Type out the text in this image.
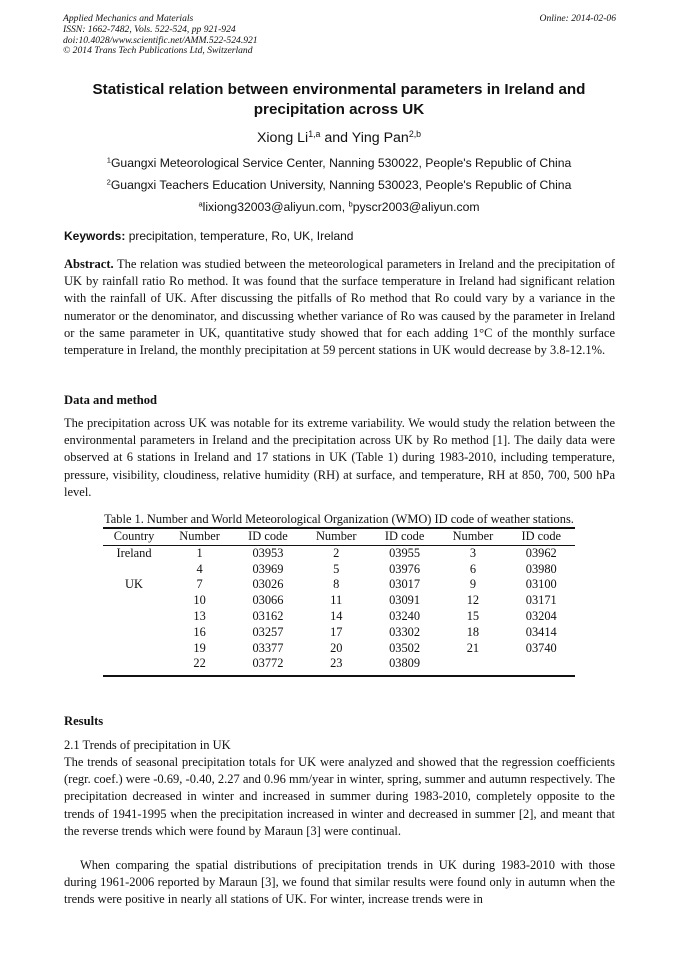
Applied Mechanics and Materials
ISSN: 1662-7482, Vols. 522-524, pp 921-924
doi:10.4028/www.scientific.net/AMM.522-524.921
© 2014 Trans Tech Publications Ltd, Switzerland
Online: 2014-02-06
Statistical relation between environmental parameters in Ireland and
precipitation across UK
Xiong Li$^{1,a}$ and Ying Pan$^{2,b}$
$^1$Guangxi Meteorological Service Center, Nanning 530022, People's Republic of China
$^2$Guangxi Teachers Education University, Nanning 530023, People's Republic of China
$^a$lixiong32003@aliyun.com, $^b$pyscr2003@aliyun.com
Keywords: precipitation, temperature, Ro, UK, Ireland
Abstract. The relation was studied between the meteorological parameters in Ireland and the precipitation of UK by rainfall ratio Ro method. It was found that the surface temperature in Ireland had significant relation with the rainfall of UK. After discussing the pitfalls of Ro method that Ro could vary by a variance in the numerator or the denominator, and discussing whether variance of Ro was caused by the parameter in Ireland or the same parameter in UK, quantitative study showed that for each adding 1°C of the monthly surface temperature in Ireland, the monthly precipitation at 59 percent stations in UK would decrease by 3.8-12.1%.
Data and method
The precipitation across UK was notable for its extreme variability. We would study the relation between the environmental parameters in Ireland and the precipitation across UK by Ro method [1]. The daily data were observed at 6 stations in Ireland and 17 stations in UK (Table 1) during 1983-2010, including temperature, pressure, visibility, cloudiness, relative humidity (RH) at surface, and temperature, RH at 850, 700, 500 hPa level.
Table 1. Number and World Meteorological Organization (WMO) ID code of weather stations.
Country	Number	ID code	Number	ID code	Number	ID code
Ireland	1	03953	2	03955	3	03962
	4	03969	5	03976	6	03980
UK	7	03026	8	03017	9	03100
	10	03066	11	03091	12	03171
	13	03162	14	03240	15	03204
	16	03257	17	03302	18	03414
	19	03377	20	03502	21	03740
	22	03772	23	03809		
Results
2.1 Trends of precipitation in UK
The trends of seasonal precipitation totals for UK were analyzed and showed that the regression coefficients (regr. coef.) were -0.69, -0.40, 2.27 and 0.96 mm/year in winter, spring, summer and autumn respectively. The precipitation decreased in winter and increased in summer during 1983-2010, completely opposite to the trends of 1941-1995 when the precipitation increased in winter and decreased in summer [2], and meant that the reverse trends which were found by Maraun [3] were continual.
When comparing the spatial distributions of precipitation trends in UK during 1983-2010 with those during 1961-2006 reported by Maraun [3], we found that similar results were found only in autumn when the trends were positive in nearly all stations of UK. For winter, increase trends were in
